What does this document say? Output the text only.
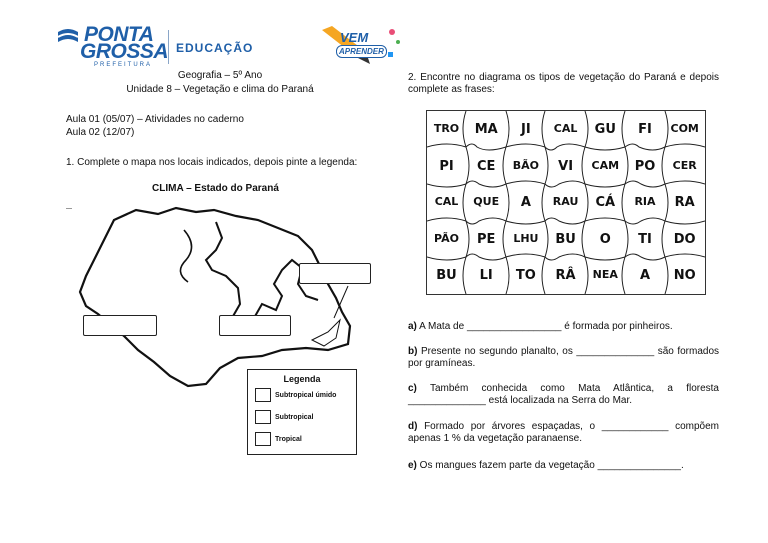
PONTA
GROSSA
PREFEITURA
EDUCAÇÃO
VEM
APRENDER
Geografia – 5º Ano
Unidade 8 – Vegetação e clima do Paraná
Aula 01 (05/07) – Atividades no caderno
Aula 02 (12/07)
1. Complete o mapa nos locais indicados, depois pinte a legenda:
CLIMA – Estado do Paraná
Legenda
Subtropical úmido
Subtropical
Tropical
2. Encontre no diagrama os tipos de vegetação do Paraná e depois complete as frases:
TRO	MA	JI	CAL	GU	FI	COM
PI	CE	BÃO	VI	CAM	PO	CER
CAL	QUE	A	RAU	CÁ	RIA	RA
PÃO	PE	LHU	BU	O	TI	DO
BU	LI	TO	RÂ	NEA	A	NO
a) A Mata de _________________ é formada por pinheiros.
b) Presente no segundo planalto, os ______________ são formados por gramíneas.
c) Também conhecida como Mata Atlântica, a floresta ______________ está localizada na Serra do Mar.
d) Formado por árvores espaçadas, o ____________ compõem apenas 1 % da vegetação paranaense.
e) Os mangues fazem parte da vegetação _______________.
